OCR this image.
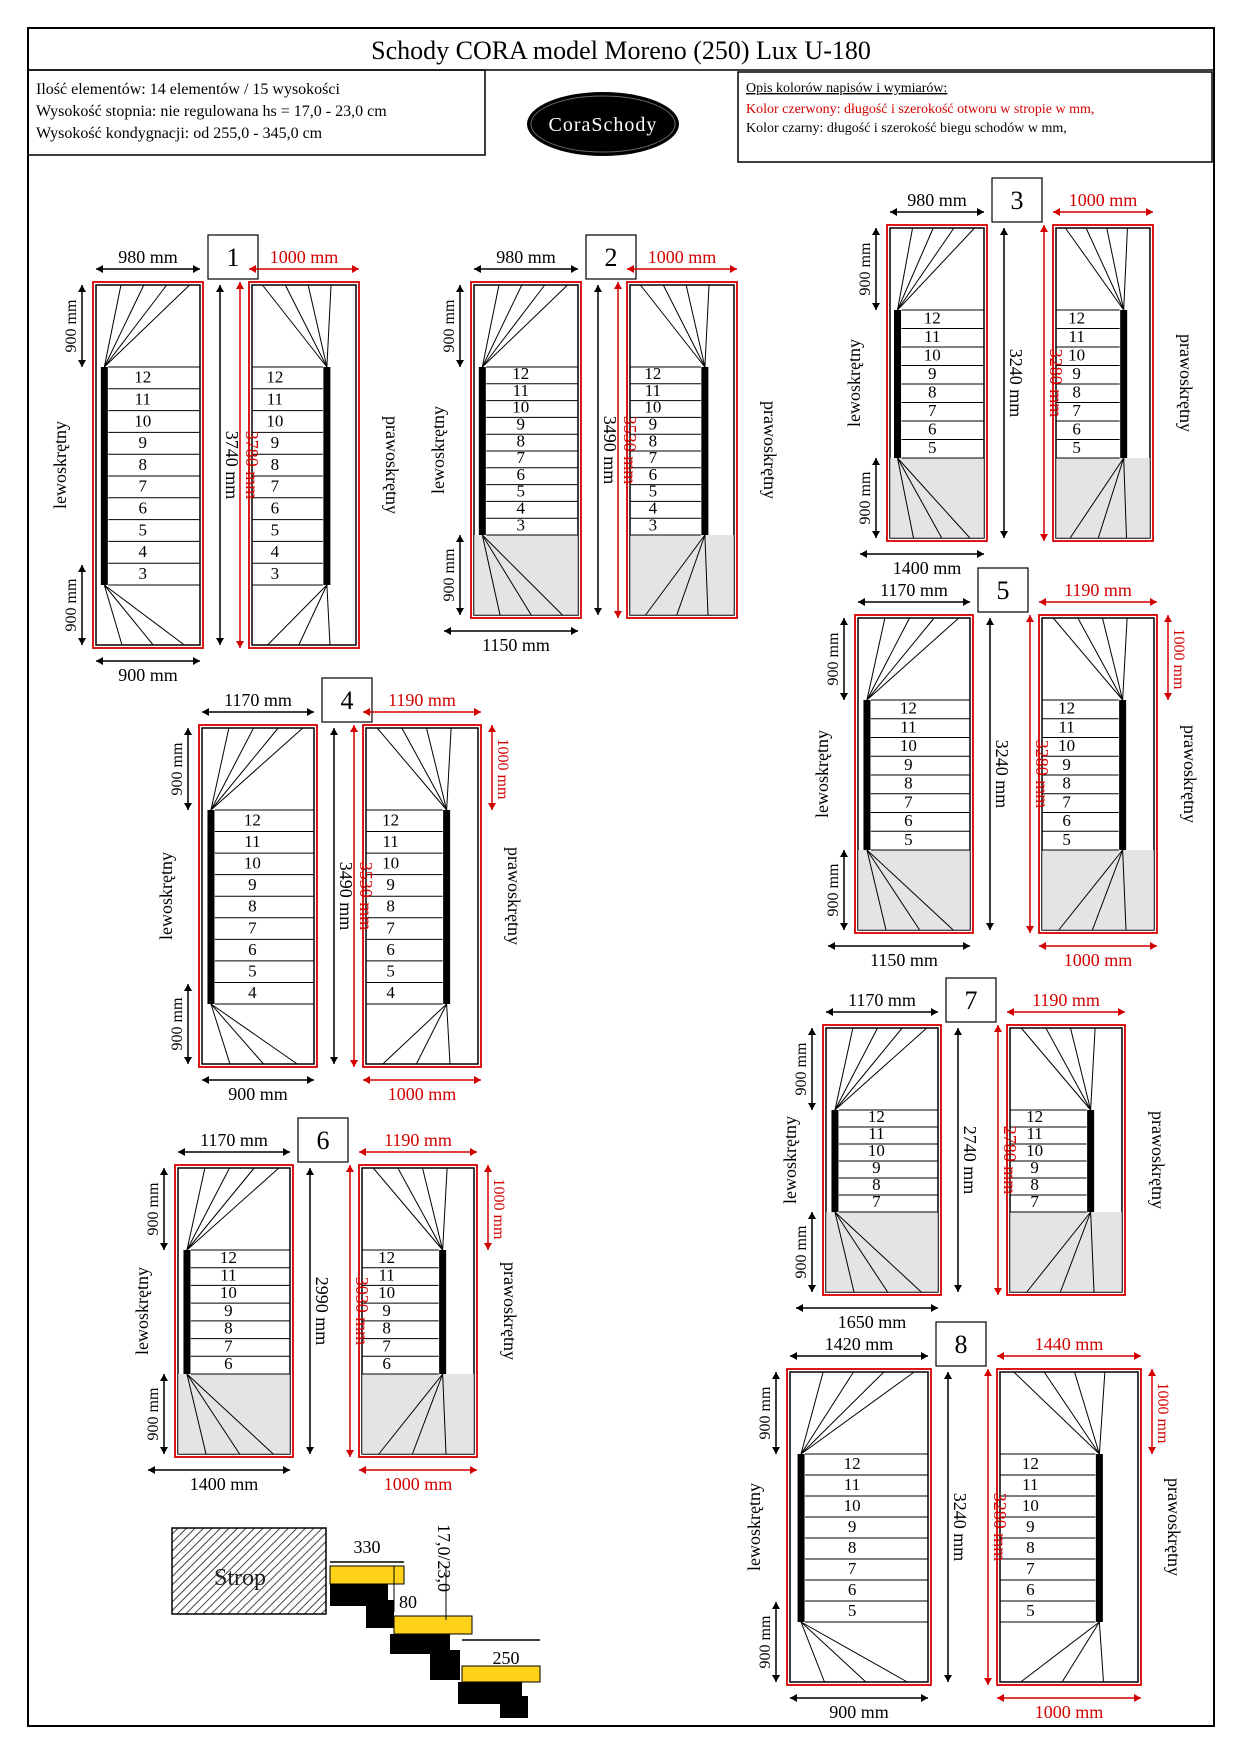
Schody CORA model Moreno (250) Lux U-180
Ilość elementów: 14 elementów / 15 wysokości
Wysokość stopnia: nie regulowana hs = 17,0 - 23,0 cm
Wysokość kondygnacji: od 255,0 - 345,0 cm	CoraSchody
Opis kolorów napisów i wymiarów:
Kolor czerwony: długość i szerokość otworu w stropie w mm,
Kolor czarny: długość i szerokość biegu schodów w mm,
12
11
10
9
8
7
6
5
4
3
12
11
10
9
8
7
6
5
4
3
1
980 mm	1000 mm
3740 mm 3780 mm
900 mm
900 mm
900 mm
lewoskrętny	prawoskrętny
12
11
10
9
8
7
6
5
4
3
12
11
10
9
8
7
6
5
4
3
2
980 mm	1000 mm
3490 mm 3530 mm
900 mm
900 mm
1150 mm
lewoskrętny	prawoskrętny
12
11
10
9
8
7
6
5
12
11
10
9
8
7
6
5
3
980 mm	1000 mm
3240 mm 3280 mm
900 mm
900 mm
1400 mm
lewoskrętny	prawoskrętny
12
11
10
9
8
7
6
5
4
12
11
10
9
8
7
6
5
4
4
1170 mm	1190 mm
3490 mm 3530 mm
900 mm
900 mm
900 mm	1000 mm
1000 mm
lewoskrętny	prawoskrętny
12
11
10
9
8
7
6
5
12
11
10
9
8
7
6
5
5
1170 mm	1190 mm
3240 mm 3280 mm
900 mm
900 mm
1150 mm	1000 mm
1000 mm
lewoskrętny	prawoskrętny
12
11
10
9
8
7
6
12
11
10
9
8
7
6
6
1170 mm	1190 mm
2990 mm 3030 mm
900 mm
900 mm
1400 mm	1000 mm
1000 mm
lewoskrętny	prawoskrętny
12
11
10
9
8
7
12
11
10
9
8
7
7
1170 mm	1190 mm
2740 mm 2780 mm
900 mm
900 mm
1650 mm
lewoskrętny	prawoskrętny
12
11
10
9
8
7
6
5
12
11
10
9
8
7
6
5
8
1420 mm	1440 mm
3240 mm 3280 mm
900 mm
900 mm
900 mm	1000 mm
1000 mm
lewoskrętny	prawoskrętny
Strop
330
80
250
17,0/23,0
